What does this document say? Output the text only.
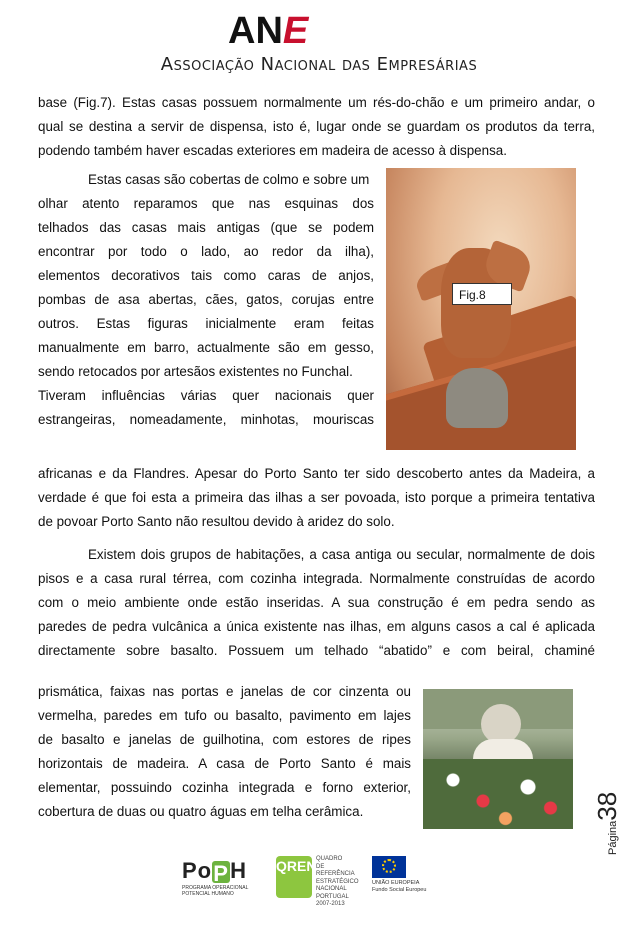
ANE
Associação Nacional das Empresárias
base (Fig.7). Estas casas possuem normalmente um rés-do-chão e um primeiro andar, o
qual se destina a servir de dispensa, isto é, lugar onde se guardam os produtos da terra,
podendo também haver escadas exteriores em madeira de acesso à dispensa.
Estas casas são cobertas de colmo e sobre um
olhar atento reparamos que nas esquinas dos
telhados das casas mais antigas (que se podem
encontrar por todo o lado, ao redor da ilha),
elementos decorativos tais como caras de anjos,
pombas de asa abertas, cães, gatos, corujas entre
outros. Estas figuras inicialmente eram feitas
manualmente em barro, actualmente são em gesso,
sendo retocados por artesãos existentes no Funchal.
Tiveram influências várias quer nacionais quer
estrangeiras, nomeadamente, minhotas, mouriscas
africanas e da Flandres. Apesar do Porto Santo ter sido descoberto antes da Madeira, a
verdade é que foi esta a primeira das ilhas a ser povoada, isto porque a primeira tentativa
de povoar Porto Santo não resultou devido à aridez do solo.
Existem dois grupos de habitações, a casa antiga ou secular, normalmente de dois
pisos e a casa rural térrea, com cozinha integrada. Normalmente construídas de acordo
com o meio ambiente onde estão inseridas. A sua construção é em pedra sendo as
paredes de pedra vulcânica a única existente nas ilhas, em alguns casos a cal é aplicada
directamente sobre basalto. Possuem um telhado “abatido” e com beiral, chaminé
prismática, faixas nas portas e janelas de cor cinzenta ou
vermelha, paredes em tufo ou basalto, pavimento em lajes
de basalto e janelas de guilhotina, com estores de ripes
horizontais de madeira. A casa de Porto Santo é mais
elementar, possuindo cozinha integrada e forno exterior,
cobertura de duas ou quatro águas em telha cerâmica.
Fig.8
Página38
PoPH
PROGRAMA OPERACIONAL POTENCIAL HUMANO
QREN QUADRO
DE REFERÊNCIA
ESTRATÉGICO
NACIONAL
PORTUGAL 2007-2013
UNIÃO EUROPEIA
Fundo Social Europeu
